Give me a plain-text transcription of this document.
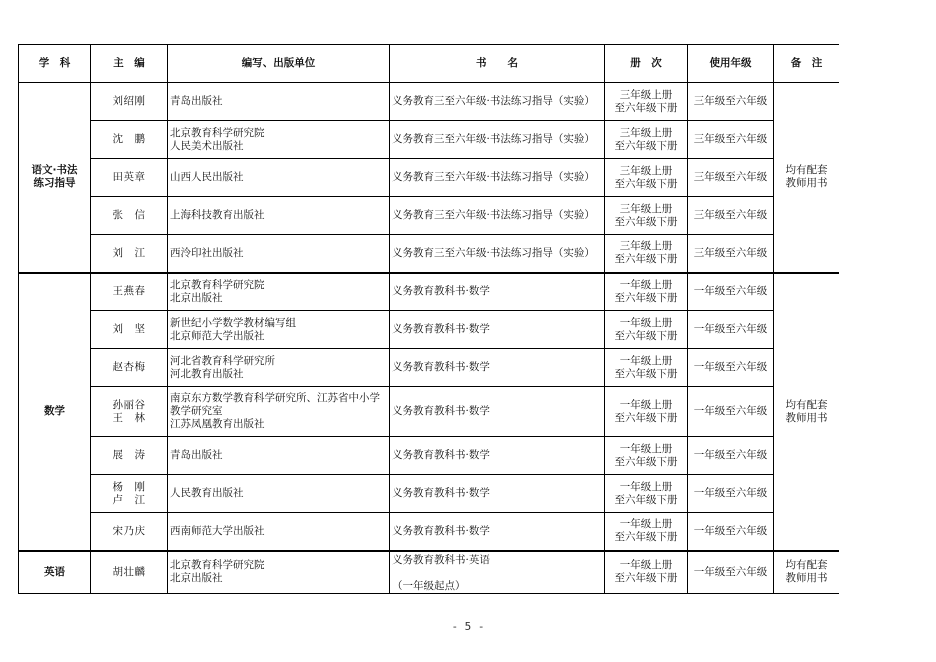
学　科	主　编	编写、出版单位	书　　名	册　次	使用年级	备　注

语文·书法
练习指导	刘绍刚	青岛出版社	义务教育三至六年级·书法练习指导（实验）	三年级上册
至六年级下册	三年级至六年级	均有配套
教师用书

	沈　鹏	北京教育科学研究院
人民美术出版社	义务教育三至六年级·书法练习指导（实验）	三年级上册
至六年级下册	三年级至六年级	

	田英章	山西人民出版社	义务教育三至六年级·书法练习指导（实验）	三年级上册
至六年级下册	三年级至六年级	

	张　信	上海科技教育出版社	义务教育三至六年级·书法练习指导（实验）	三年级上册
至六年级下册	三年级至六年级	

	刘　江	西泠印社出版社	义务教育三至六年级·书法练习指导（实验）	三年级上册
至六年级下册	三年级至六年级	

数学	王燕春	北京教育科学研究院
北京出版社	义务教育教科书·数学	一年级上册
至六年级下册	一年级至六年级	均有配套
教师用书

	刘　坚	新世纪小学数学教材编写组
北京师范大学出版社	义务教育教科书·数学	一年级上册
至六年级下册	一年级至六年级	

	赵杏梅	河北省教育科学研究所
河北教育出版社	义务教育教科书·数学	一年级上册
至六年级下册	一年级至六年级	

	孙丽谷
王　林	南京东方数学教育科学研究所、江苏省中小学教学研究室
江苏凤凰教育出版社	义务教育教科书·数学	一年级上册
至六年级下册	一年级至六年级	

	展　涛	青岛出版社	义务教育教科书·数学	一年级上册
至六年级下册	一年级至六年级	

	杨　刚
卢　江	人民教育出版社	义务教育教科书·数学	一年级上册
至六年级下册	一年级至六年级	

	宋乃庆	西南师范大学出版社	义务教育教科书·数学	一年级上册
至六年级下册	一年级至六年级	

英语	胡壮麟	北京教育科学研究院
北京出版社	义务教育教科书·英语

（一年级起点）	一年级上册
至六年级下册	一年级至六年级	均有配套
教师用书
- 5 -
